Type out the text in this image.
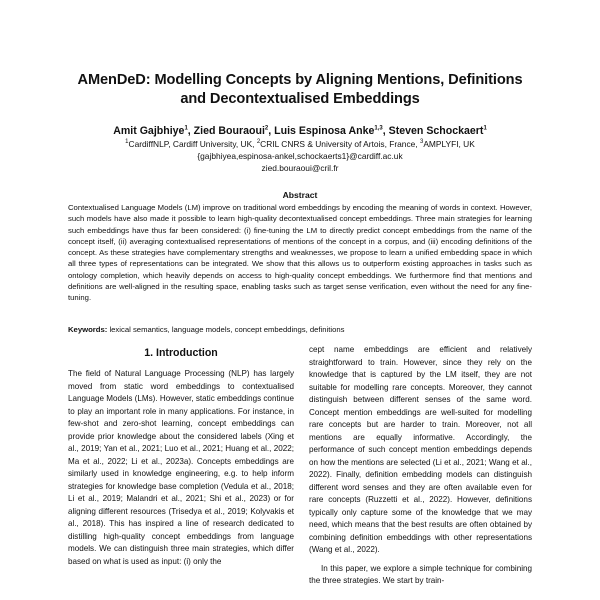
AMenDeD: Modelling Concepts by Aligning Mentions, Definitions

and Decontextualised Embeddings

Amit Gajbhiye$^1$, Zied Bouraoui$^2$, Luis Espinosa Anke$^{1,3}$, Steven Schockaert$^1$

$^1$CardiffNLP, Cardiff University, UK, $^2$CRIL CNRS & University of Artois, France, $^3$AMPLYFI, UK

{gajbhiyea,espinosa-ankel,schockaerts1}@cardiff.ac.uk

zied.bouraoui@cril.fr

Abstract

Contextualised Language Models (LM) improve on traditional word embeddings by encoding the meaning of words in context. However, such models have also made it possible to learn high-quality decontextualised concept embeddings. Three main strategies for learning such embeddings have thus far been considered: (i) fine-tuning the LM to directly predict concept embeddings from the name of the concept itself, (ii) averaging contextualised representations of mentions of the concept in a corpus, and (iii) encoding definitions of the concept. As these strategies have complementary strengths and weaknesses, we propose to learn a unified embedding space in which all three types of representations can be integrated. We show that this allows us to outperform existing approaches in tasks such as ontology completion, which heavily depends on access to high-quality concept embeddings. We furthermore find that mentions and definitions are well-aligned in the resulting space, enabling tasks such as target sense verification, even without the need for any fine-tuning.

Keywords: lexical semantics, language models, concept embeddings, definitions

1. Introduction

The field of Natural Language Processing (NLP) has largely moved from static word embeddings to contextualised Language Models (LMs). However, static embeddings continue to play an important role in many applications. For instance, in few-shot and zero-shot learning, concept embeddings can provide prior knowledge about the considered labels (Xing et al., 2019; Yan et al., 2021; Luo et al., 2021; Huang et al., 2022; Ma et al., 2022; Li et al., 2023a). Concepts embeddings are similarly used in knowledge engineering, e.g. to help inform strategies for knowledge base completion (Vedula et al., 2018; Li et al., 2019; Malandri et al., 2021; Shi et al., 2023) or for aligning different resources (Trisedya et al., 2019; Kolyvakis et al., 2018). This has inspired a line of research dedicated to distilling high-quality concept embeddings from language models. We can distinguish three main strategies, which differ based on what is used as input: (i) only the

cept name embeddings are efficient and relatively straightforward to train. However, since they rely on the knowledge that is captured by the LM itself, they are not suitable for modelling rare concepts. Moreover, they cannot distinguish between different senses of the same word. Concept mention embeddings are well-suited for modelling rare concepts but are harder to train. Moreover, not all mentions are equally informative. Accordingly, the performance of such concept mention embeddings depends on how the mentions are selected (Li et al., 2021; Wang et al., 2022). Finally, definition embedding models can distinguish different word senses and they are often available even for rare concepts (Ruzzetti et al., 2022). However, definitions typically only capture some of the knowledge that we may need, which means that the best results are often obtained by combining definition embeddings with other representations (Wang et al., 2022).
In this paper, we explore a simple technique for combining the three strategies. We start by train-
